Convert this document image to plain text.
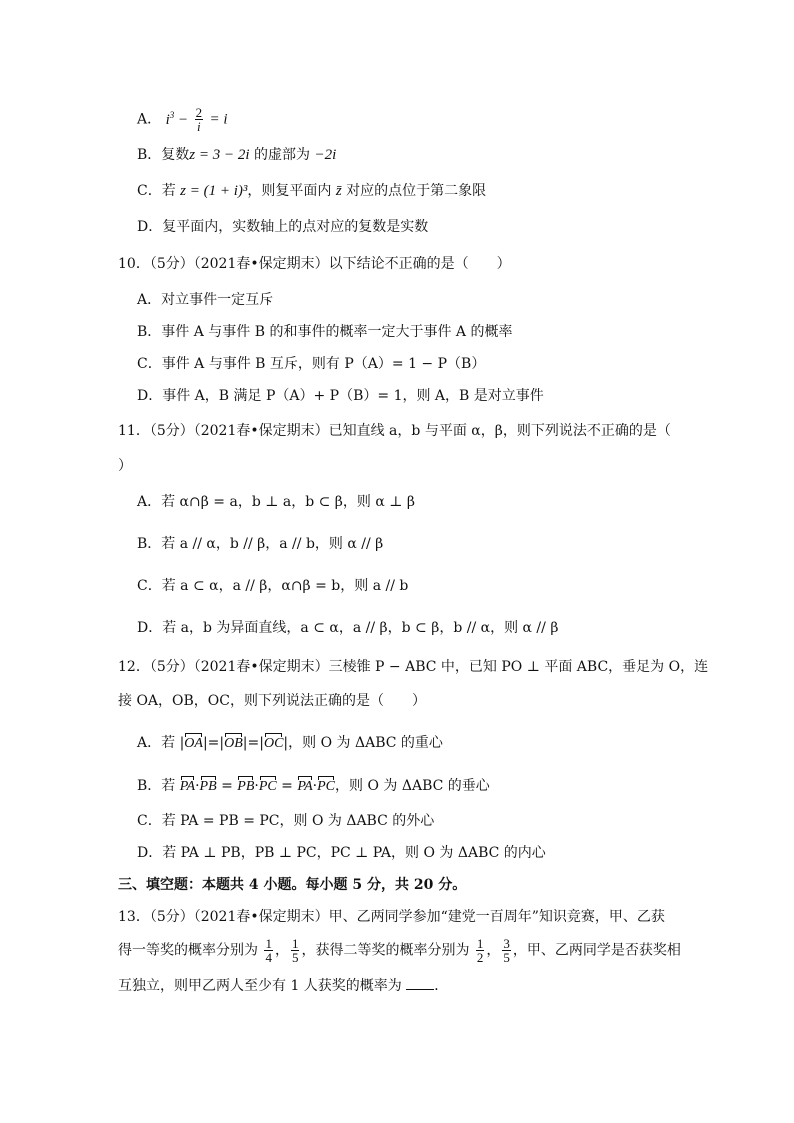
A． $i^3 - \frac{2}{i} = i$
B．复数z = 3 − 2i 的虚部为 −2i
C．若 z = (1 + i)³，则复平面内 z̄ 对应的点位于第二象限
D．复平面内，实数轴上的点对应的复数是实数
10．（5分）（2021春•保定期末）以下结论不正确的是（　　）
A．对立事件一定互斥
B．事件 A 与事件 B 的和事件的概率一定大于事件 A 的概率
C．事件 A 与事件 B 互斥，则有 P（A）= 1 − P（B）
D．事件 A，B 满足 P（A）+ P（B）= 1，则 A，B 是对立事件
11．（5分）（2021春•保定期末）已知直线 a，b 与平面 α，β，则下列说法不正确的是（
）
A．若 α∩β = a，b ⊥ a，b ⊂ β，则 α ⊥ β
B．若 a // α，b // β，a // b，则 α // β
C．若 a ⊂ α，a // β，α∩β = b，则 a // b
D．若 a，b 为异面直线，a ⊂ α，a // β，b ⊂ β，b // α，则 α // β
12．（5分）（2021春•保定期末）三棱锥 P − ABC 中，已知 PO ⊥ 平面 ABC，垂足为 O，连
接 OA，OB，OC，则下列说法正确的是（　　）
A．若 |OA|=|OB|=|OC|，则 O 为 ΔABC 的重心
B．若 PA·PB = PB·PC = PA·PC，则 O 为 ΔABC 的垂心
C．若 PA = PB = PC，则 O 为 ΔABC 的外心
D．若 PA ⊥ PB，PB ⊥ PC，PC ⊥ PA，则 O 为 ΔABC 的内心
三、填空题：本题共 4 小题。每小题 5 分，共 20 分。
13．（5分）（2021春•保定期末）甲、乙两同学参加“建党一百周年”知识竞赛，甲、乙获
得一等奖的概率分别为 $\frac{1}{4}$ ， $\frac{1}{5}$ ，获得二等奖的概率分别为 $\frac{1}{2}$ ， $\frac{3}{5}$ ，甲、乙两同学是否获奖相
互独立，则甲乙两人至少有 1 人获奖的概率为 ．
